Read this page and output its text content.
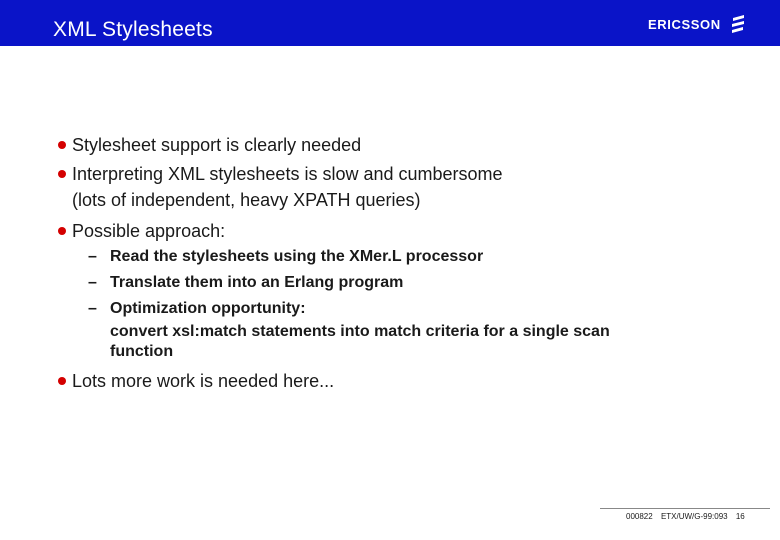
XML Stylesheets	ERICSSON
Stylesheet support is clearly needed
Interpreting XML stylesheets is slow and cumbersome
(lots of independent, heavy XPATH queries)
Possible approach:
– Read the stylesheets using the XMer.L processor
– Translate them into an Erlang program
– Optimization opportunity:
convert xsl:match statements into match criteria for a single scan
function
Lots more work is needed here...
000822 ETX/UW/G-99:093 16
